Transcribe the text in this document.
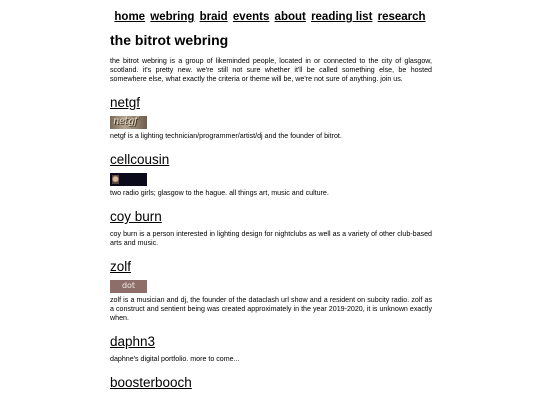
home webring braid events about reading list research
the bitrot webring

the bitrot webring is a group of likeminded people, located in or connected to the city of glasgow, scotland. it's pretty new. we're still not sure whether it'll be called something else, be hosted somewhere else, what exactly the criteria or theme will be, we're not sure of anything. join us.

netgf
netgf

netgf is a lighting technician/programmer/artist/dj and the founder of bitrot.

cellcousin

two radio girls; glasgow to the hague. all things art, music and culture.

coy burn

coy burn is a person interested in lighting design for nightclubs as well as a variety of other club-based arts and music.

zolf
dot

zolf is a musician and dj, the founder of the dataclash url show and a resident on subcity radio. zolf as a construct and sentient being was created approximately in the year 2019-2020, it is unknown exactly when.

daphn3

daphne's digital portfolio. more to come...

boosterbooch
